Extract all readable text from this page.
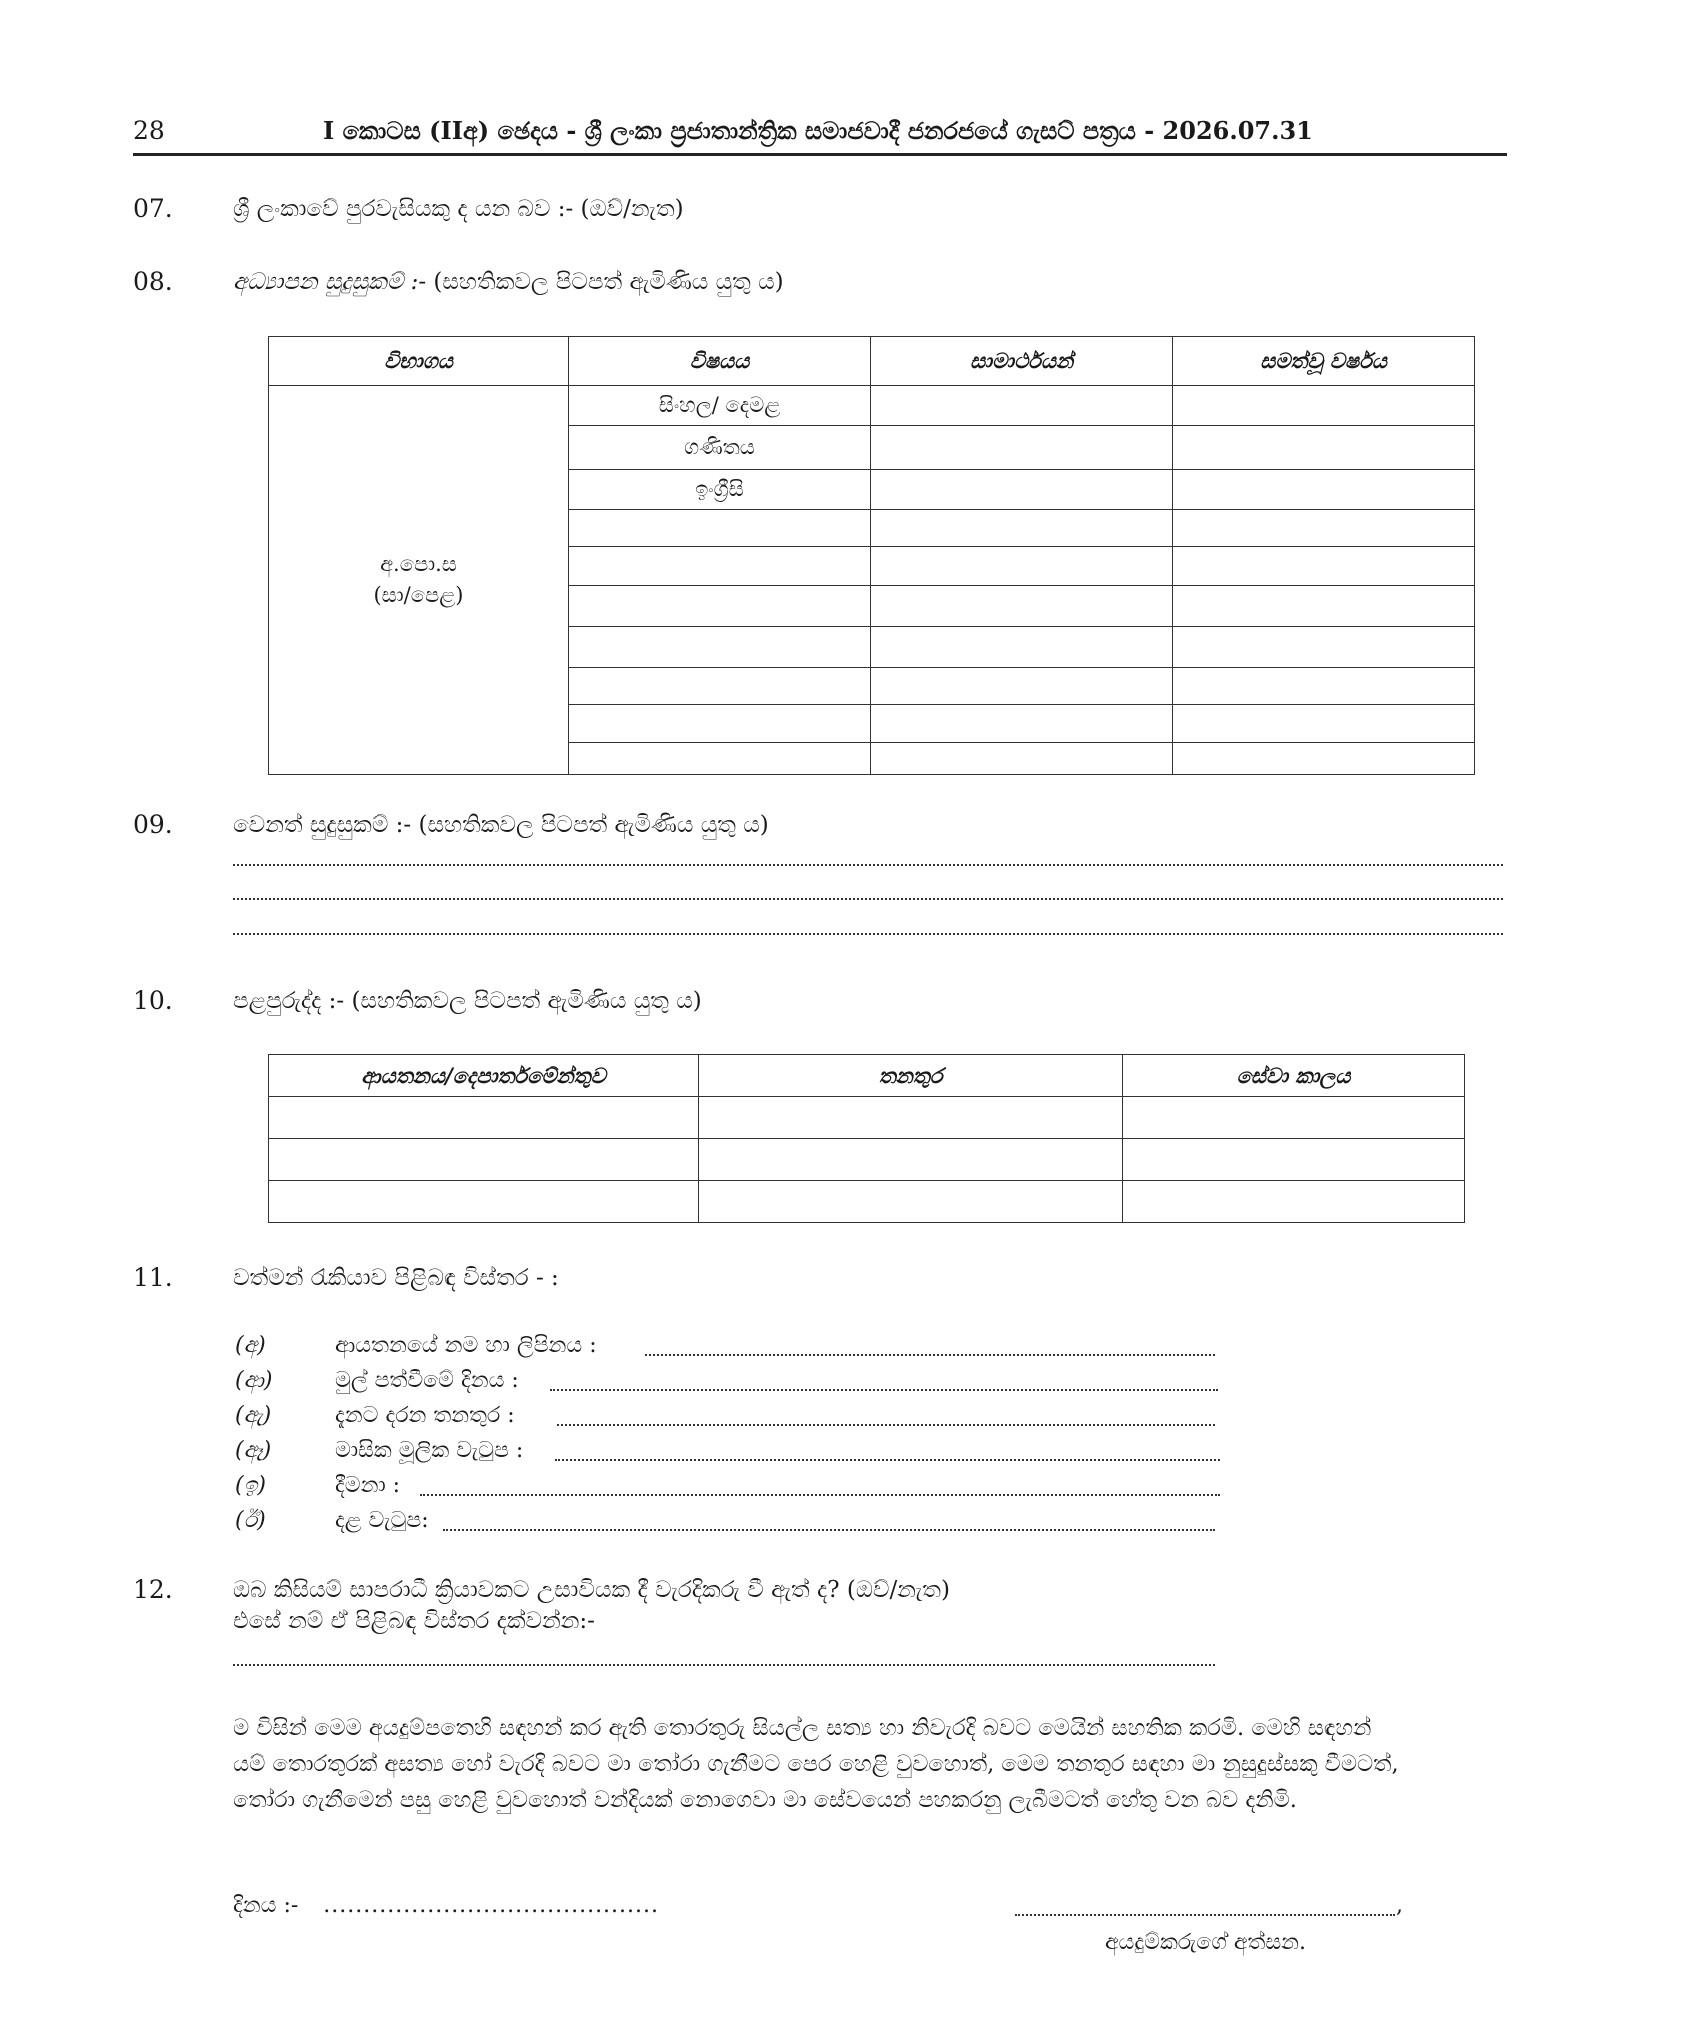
28	I කොටස (IIඅ) ඡෙදය - ශ්‍රී ලංකා ප්‍රජාතාන්ත්‍රික සමාජවාදී ජනරජයේ ගැසට් පත්‍රය - 2026.07.31
07.	ශ්‍රී ලංකාවේ පුරවැසියකු ද යන බව :- (ඔව්/නැත)
08.	අධ්‍යාපන සුදුසුකම් :- (සහතිකවල පිටපත් ඇමිණිය යුතු ය)
විභාගය	විෂයය	සාමාර්ථයන්	සමත්වූ වර්ෂය

අ.පො.ස
(සා/පෙළ)	සිංහල/ දෙමළ		
	ගණිතය		
	ඉංග්‍රීසි		

09.	වෙනත් සුදුසුකම් :- (සහතිකවල පිටපත් ඇමිණිය යුතු ය)
10.	පළපුරුද්ද :- (සහතිකවල පිටපත් ඇමිණිය යුතු ය)
ආයතනය/දෙපාර්තමේන්තුව	තනතුර	සේවා කාලය

11.	වත්මන් රැකියාව පිළිබඳ විස්තර - :
(අ)	ආයතනයේ නම හා ලිපිනය :
(ආ)	මුල් පත්වීමේ දිනය :
(ඇ)	දැනට දරන තනතුර :
(ඈ)	මාසික මූලික වැටුප :
(ඉ)	දීමනා :
(ඊ)	දළ වැටුප:
12.	ඔබ කිසියම් සාපරාධී ක්‍රියාවකට උසාවියක දී වැරදිකරු වී ඇත් ද? (ඔව්/නැත)
එසේ නම් ඒ පිළිබඳ විස්තර දක්වන්න:-
ම විසින් මෙම අයදුම්පතෙහි සඳහන් කර ඇති තොරතුරු සියල්ල සත්‍ය හා නිවැරදි බවට මෙයින් සහතික කරමි. මෙහි සඳහන්
යම් තොරතුරක් අසත්‍ය හෝ වැරදි බවට මා තෝරා ගැනීමට පෙර හෙළි වුවහොත්, මෙම තනතුර සඳහා මා නුසුදුස්සකු වීමටත්,
තෝරා ගැනීමෙන් පසු හෙළි වුවහොත් වන්දියක් නොගෙවා මා සේවයෙන් පහකරනු ලැබීමටත් හේතු වන බව දනිමි.
දිනය :- ..........................................	,
අයදුම්කරුගේ අත්සන.
